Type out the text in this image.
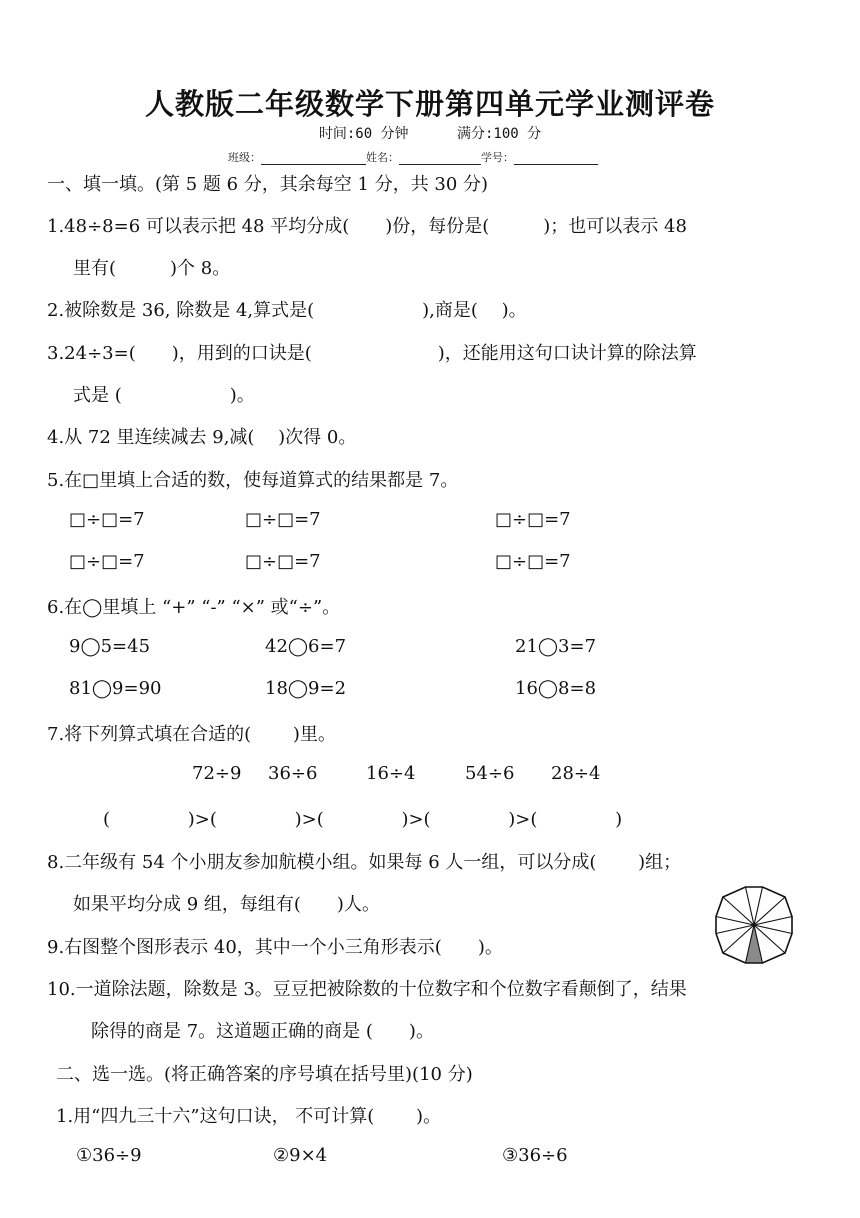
人教版二年级数学下册第四单元学业测评卷
时间:60 分钟	满分:100 分
班级：	姓名：	学号：
一、填一填。(第 5 题 6 分，其余每空 1 分，共 30 分)
1.48÷8=6 可以表示把 48 平均分成(　　)份，每份是(　　　)；也可以表示 48
里有(　　　)个 8。
2.被除数是 36, 除数是 4,算式是(　　　　　　),商是(　 )。
3.24÷3=(　　)，用到的口诀是(　　　　　　　)，还能用这句口诀计算的除法算
式是 (　　　　　　)。
4.从 72 里连续减去 9,减(　 )次得 0。
5.在□里填上合适的数，使每道算式的结果都是 7。
□÷□=7	□÷□=7	□÷□=7
□÷□=7	□÷□=7	□÷□=7
6.在◯里填上 “+” “-” “×” 或“÷”。
9◯5=45	42◯6=7	21◯3=7
81◯9=90	18◯9=2	16◯8=8
7.将下列算式填在合适的(　　 )里。
72÷9 36÷6	16÷4	54÷6 28÷4
(　　　　 )>(　　　　 )>(　　　　 )>(　　　　 )>(　　　　 )
8.二年级有 54 个小朋友参加航模小组。如果每 6 人一组，可以分成(　　 )组；
如果平均分成 9 组，每组有(　　)人。
9.右图整个图形表示 40，其中一个小三角形表示(　　)。
10.一道除法题，除数是 3。豆豆把被除数的十位数字和个位数字看颠倒了，结果
除得的商是 7。这道题正确的商是 (　　)。
二、选一选。(将正确答案的序号填在括号里)(10 分)
1.用“四九三十六”这句口诀， 不可计算(　　 )。
①36÷9	②9×4	③36÷6
